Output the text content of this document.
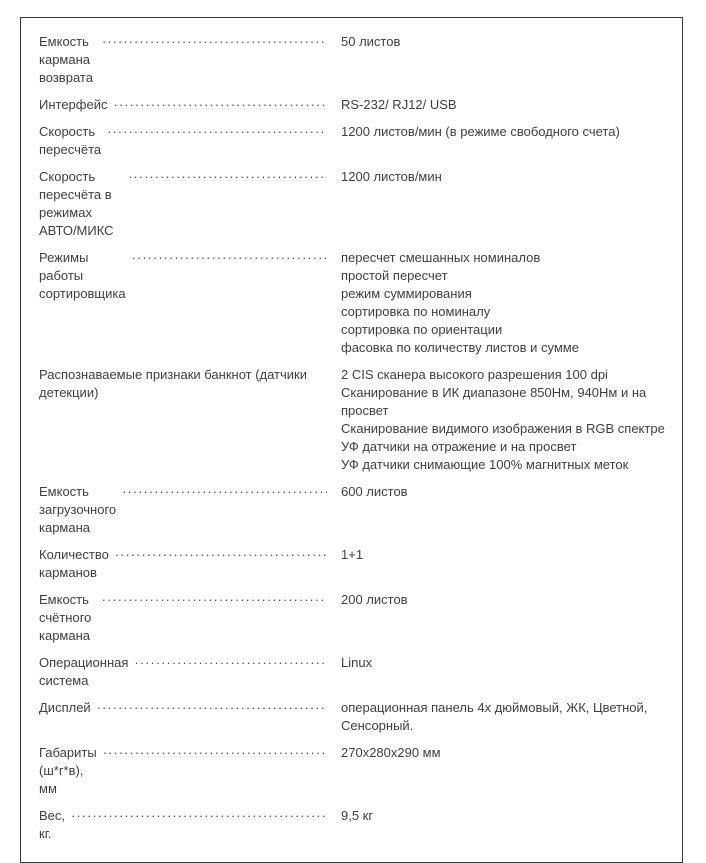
Емкость кармана возврата
·····
50 листов
Интерфейс ·····	RS-232/ RJ12/ USB
Скорость пересчёта
·····
1200 листов/мин (в режиме свободного счета)
Скорость пересчёта в режимах АВТО/МИКС
·····
1200 листов/мин
Режимы работы сортировщика
·····
пересчет смешанных номиналов
простой пересчет
режим суммирования
сортировка по номиналу
сортировка по ориентации
фасовка по количеству листов и сумме
Распознаваемые признаки банкнот (датчики детекции)
2 CIS сканера высокого разрешения 100 dpi
Сканирование в ИК диапазоне 850Нм, 940Нм и на просвет
Сканирование видимого изображения в RGB спектре
УФ датчики на отражение и на просвет
УФ датчики снимающие 100% магнитных меток
Емкость загрузочного кармана
·····
600 листов
Количество карманов
·····
1+1
Емкость счётного кармана
·····
200 листов
Операционная система
·····
Linux
Дисплей ·····	операционная панель 4х дюймовый, ЖК, Цветной, Сенсорный.
Габариты (ш*г*в), мм
·····
270x280x290 мм
Вес, кг.
·····
9,5 кг
